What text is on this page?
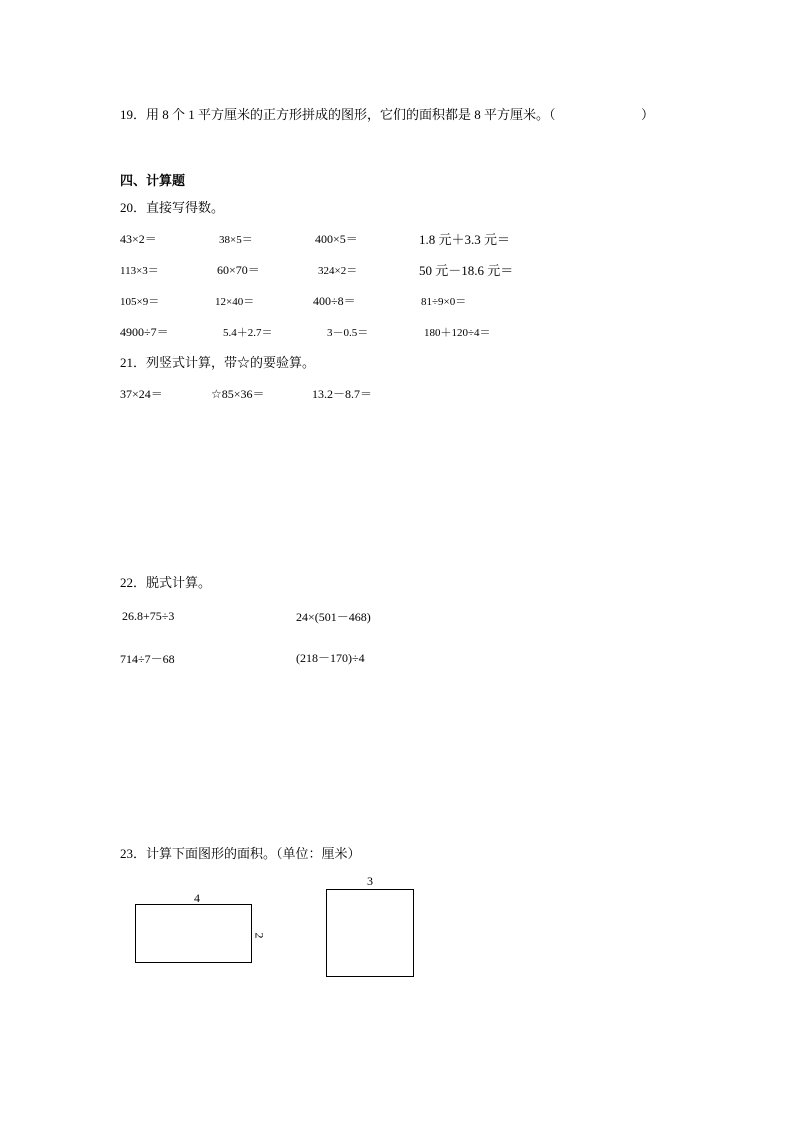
19．用 8 个 1 平方厘米的正方形拼成的图形，它们的面积都是 8 平方厘米。（	）
四、计算题
20．直接写得数。
43×2＝	38×5＝	400×5＝	1.8 元＋3.3 元＝
113×3＝	60×70＝	324×2＝	50 元－18.6 元＝
105×9＝	12×40＝	400÷8＝	81÷9×0＝
4900÷7＝	5.4＋2.7＝	3－0.5＝	180＋120÷4＝
21．列竖式计算，带☆的要验算。
37×24＝	☆85×36＝	13.2－8.7＝
22．脱式计算。
26.8+75÷3	24×(501－468)
714÷7－68	(218－170)÷4
23．计算下面图形的面积。（单位：厘米）
4
2
3
